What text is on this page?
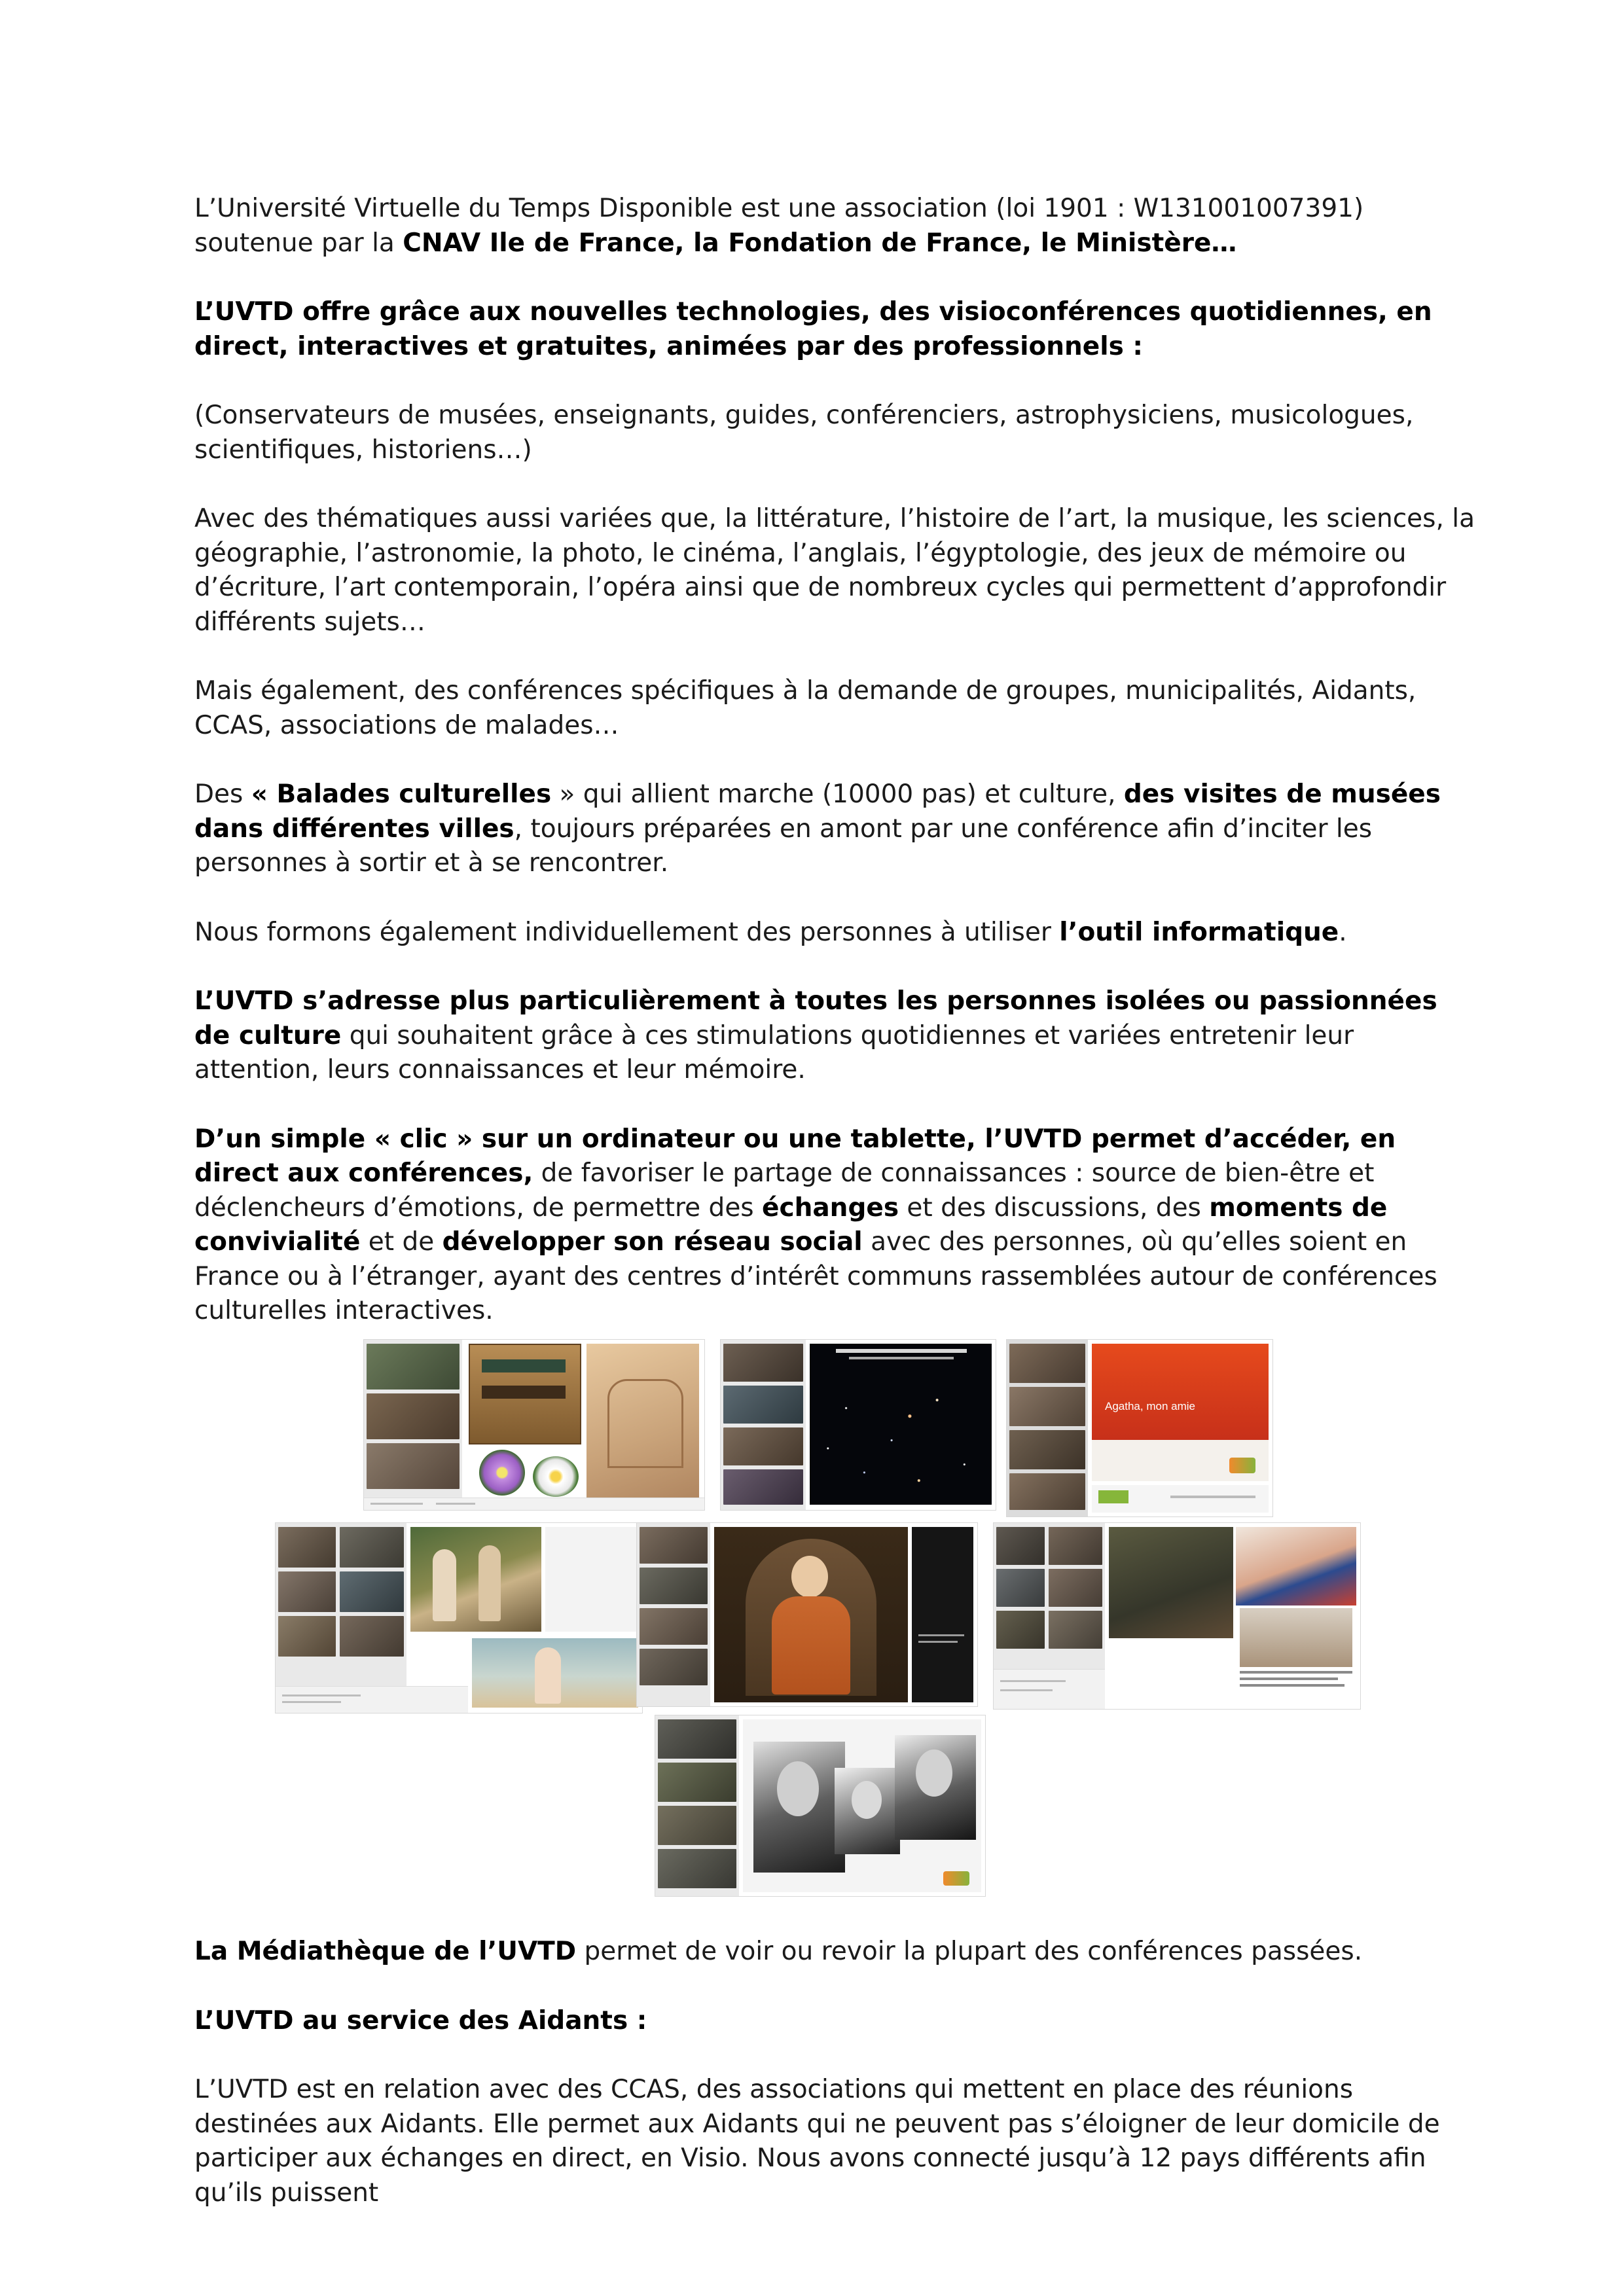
L’Université Virtuelle du Temps Disponible est une association (loi 1901 : W131001007391) soutenue par la CNAV Ile de France, la Fondation de France, le Ministère…

L’UVTD offre grâce aux nouvelles technologies, des visioconférences quotidiennes, en direct, interactives et gratuites, animées par des professionnels :

(Conservateurs de musées, enseignants, guides, conférenciers, astrophysiciens, musicologues, scientifiques, historiens…)

Avec des thématiques aussi variées que, la littérature, l’histoire de l’art, la musique, les sciences, la géographie, l’astronomie, la photo, le cinéma, l’anglais, l’égyptologie, des jeux de mémoire ou d’écriture, l’art contemporain, l’opéra ainsi que de nombreux cycles qui permettent d’approfondir différents sujets…

Mais également, des conférences spécifiques à la demande de groupes, municipalités, Aidants, CCAS, associations de malades…

Des « Balades culturelles » qui allient marche (10000 pas) et culture, des visites de musées dans différentes villes, toujours préparées en amont par une conférence afin d’inciter les personnes à sortir et à se rencontrer.

Nous formons également individuellement des personnes à utiliser l’outil informatique.

L’UVTD s’adresse plus particulièrement à toutes les personnes isolées ou passionnées de culture qui souhaitent grâce à ces stimulations quotidiennes et variées entretenir leur attention, leurs connaissances et leur mémoire.

D’un simple « clic » sur un ordinateur ou une tablette, l’UVTD permet d’accéder, en direct aux conférences, de favoriser le partage de connaissances : source de bien-être et déclencheurs d’émotions, de permettre des échanges et des discussions, des moments de convivialité et de développer son réseau social avec des personnes, où qu’elles soient en France ou à l’étranger, ayant des centres d’intérêt communs rassemblées autour de conférences culturelles interactives.

Agatha, mon amie

La Médiathèque de l’UVTD permet de voir ou revoir la plupart des conférences passées.

L’UVTD au service des Aidants :

L’UVTD est en relation avec des CCAS, des associations qui mettent en place des réunions destinées aux Aidants. Elle permet aux Aidants qui ne peuvent pas s’éloigner de leur domicile de participer aux échanges en direct, en Visio. Nous avons connecté jusqu’à 12 pays différents afin qu’ils puissent
